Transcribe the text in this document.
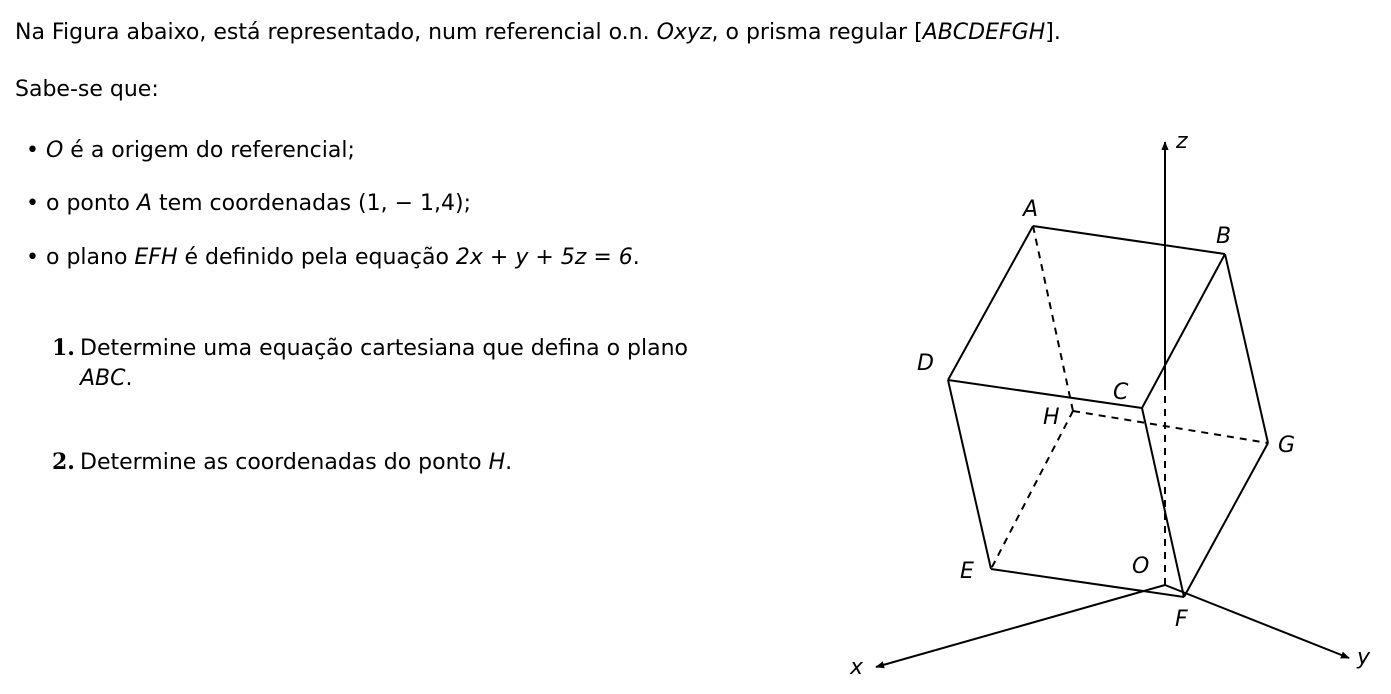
Na Figura abaixo, está representado, num referencial o.n. Oxyz, o prisma regular [ABCDEFGH].
Sabe-se que:
• O é a origem do referencial;
• o ponto A tem coordenadas (1, − 1,4);
• o plano EFH é definido pela equação 2x + y + 5z = 6.
1. Determine uma equação cartesiana que defina o plano
ABC.
2. Determine as coordenadas do ponto H.
z
x	y
A
B
C
D
H
G
E	O
F
